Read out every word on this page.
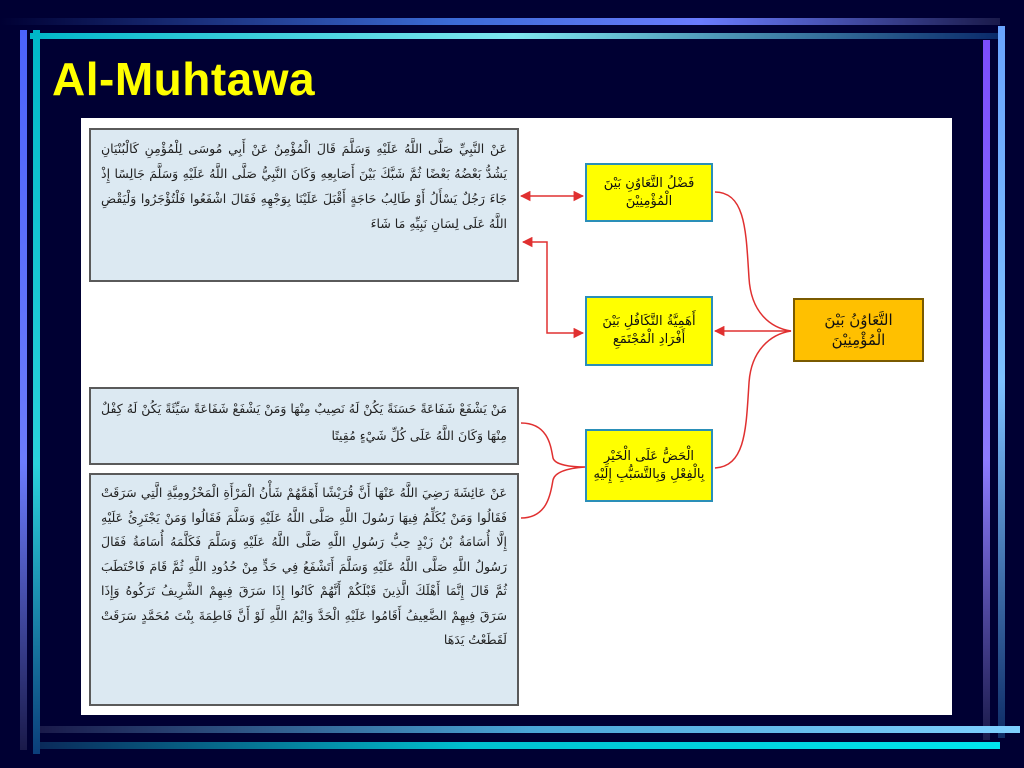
Al-Muhtawa
عَنْ النَّبِيِّ صَلَّى اللَّهُ عَلَيْهِ وَسَلَّمَ قَالَ الْمُؤْمِنُ عَنْ أَبِي مُوسَى لِلْمُؤْمِنِ كَالْبُنْيَانِ يَشُدُّ بَعْضُهُ بَعْضًا ثُمَّ شَبَّكَ بَيْنَ أَصَابِعِهِ وَكَانَ النَّبِيُّ صَلَّى اللَّهُ عَلَيْهِ وَسَلَّمَ جَالِسًا إِذْ جَاءَ رَجُلٌ يَسْأَلُ أَوْ طَالِبُ حَاجَةٍ أَقْبَلَ عَلَيْنَا بِوَجْهِهِ فَقَالَ اشْفَعُوا فَلْتُؤْجَرُوا وَلْيَقْضِ اللَّهُ عَلَى لِسَانِ نَبِيِّهِ مَا شَاءَ
مَنْ يَشْفَعْ شَفَاعَةً حَسَنَةً يَكُنْ لَهُ نَصِيبٌ مِنْهَا وَمَنْ يَشْفَعْ شَفَاعَةً سَيِّئَةً يَكُنْ لَهُ كِفْلٌ مِنْهَا وَكَانَ اللَّهُ عَلَى كُلِّ شَيْءٍ مُقِيتًا
عَنْ عَائِشَةَ رَضِيَ اللَّهُ عَنْهَا أَنَّ قُرَيْشًا أَهَمَّهُمْ شَأْنُ الْمَرْأَةِ الْمَخْزُومِيَّةِ الَّتِي سَرَقَتْ فَقَالُوا وَمَنْ يُكَلِّمُ فِيهَا رَسُولَ اللَّهِ صَلَّى اللَّهُ عَلَيْهِ وَسَلَّمَ فَقَالُوا وَمَنْ يَجْتَرِئُ عَلَيْهِ إِلَّا أُسَامَةُ بْنُ زَيْدٍ حِبُّ رَسُولِ اللَّهِ صَلَّى اللَّهُ عَلَيْهِ وَسَلَّمَ فَكَلَّمَهُ أُسَامَةُ فَقَالَ رَسُولُ اللَّهِ صَلَّى اللَّهُ عَلَيْهِ وَسَلَّمَ أَتَشْفَعُ فِي حَدٍّ مِنْ حُدُودِ اللَّهِ ثُمَّ قَامَ فَاخْتَطَبَ ثُمَّ قَالَ إِنَّمَا أَهْلَكَ الَّذِينَ قَبْلَكُمْ أَنَّهُمْ كَانُوا إِذَا سَرَقَ فِيهِمْ الشَّرِيفُ تَرَكُوهُ وَإِذَا سَرَقَ فِيهِمْ الضَّعِيفُ أَقَامُوا عَلَيْهِ الْحَدَّ وَايْمُ اللَّهِ لَوْ أَنَّ فَاطِمَةَ بِنْتَ مُحَمَّدٍ سَرَقَتْ لَقَطَعْتُ يَدَهَا
فَضْلُ التَّعَاوُنِ بَيْنَ الْمُؤْمِنِيْنَ
أَهَمِيَّةُ التَّكَافُلِ بَيْنَ أَفْرَادِ الْمُجْتَمَعِ
الْحَضُّ عَلَى الْخَيْرِ بِالْفِعْلِ وَبِالتَّسَبُّبِ إِلَيْهِ
التَّعَاوُنُ بَيْنَ الْمُؤْمِنِيْنَ
